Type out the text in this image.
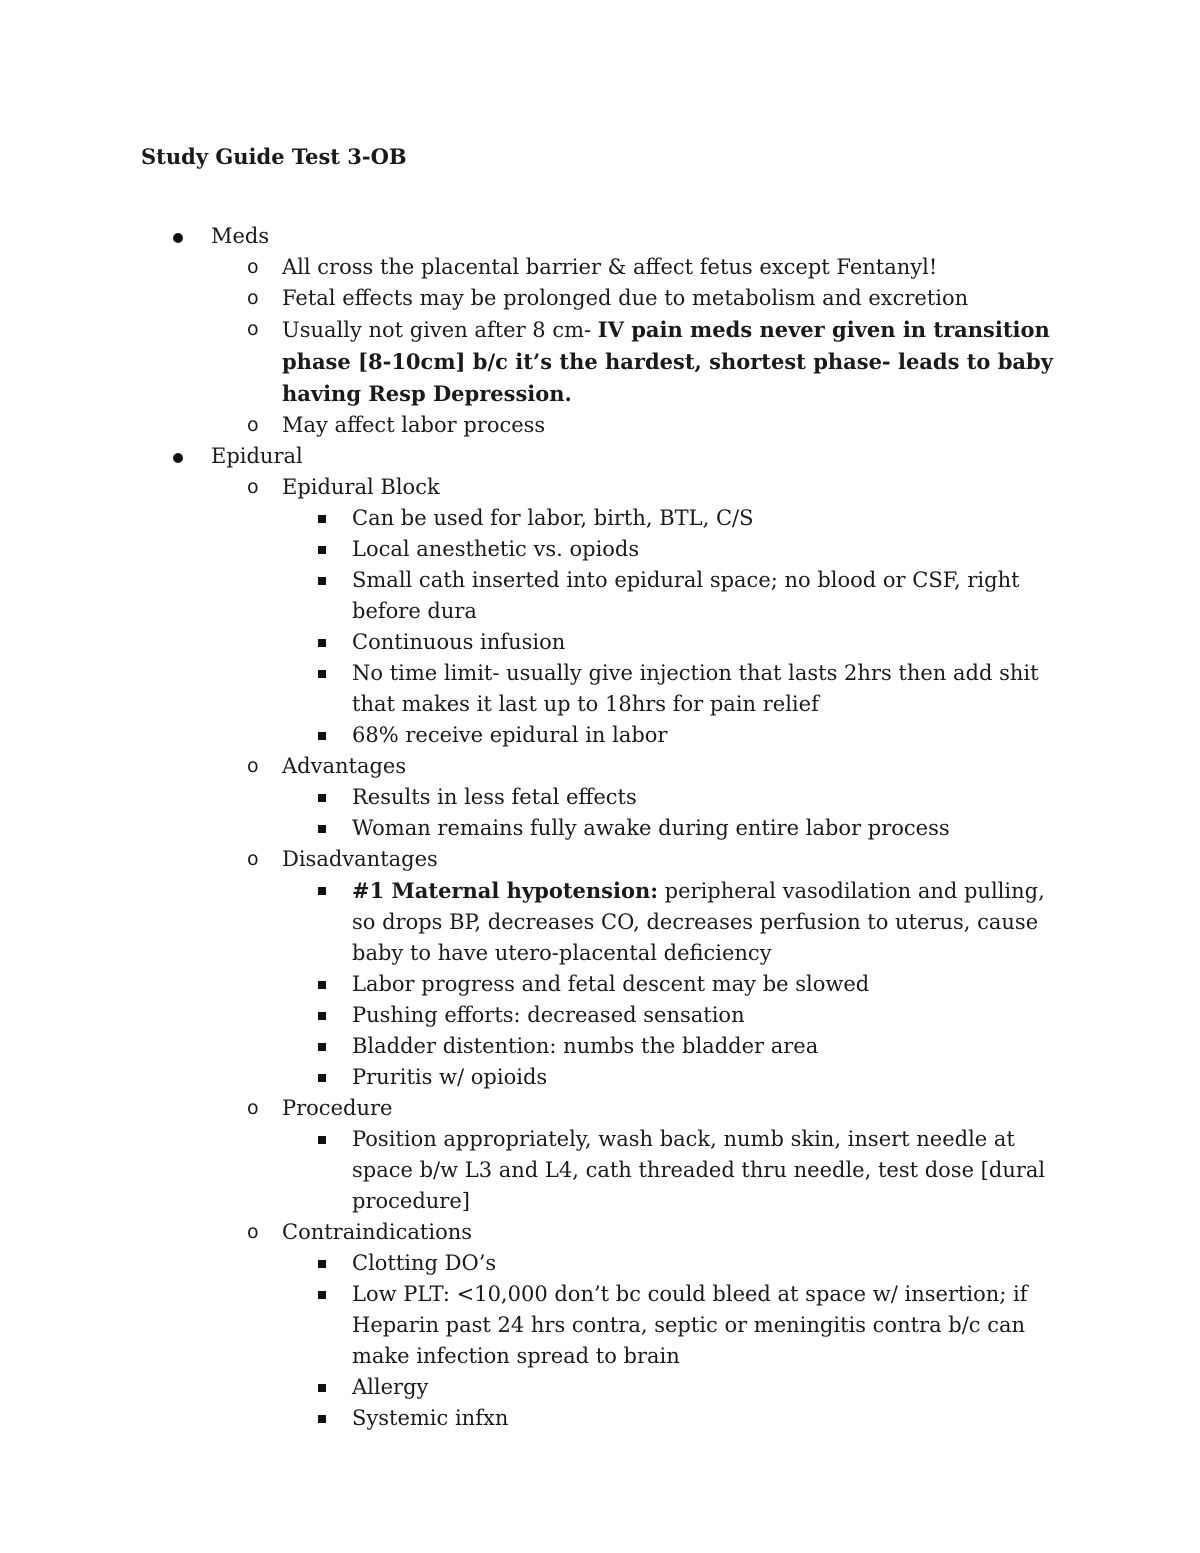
Study Guide Test 3-OB
Meds
o All cross the placental barrier & affect fetus except Fentanyl!
o Fetal effects may be prolonged due to metabolism and excretion
o Usually not given after 8 cm- IV pain meds never given in transition phase [8-10cm] b/c it’s the hardest, shortest phase- leads to baby having Resp Depression.
o May affect labor process
Epidural
o Epidural Block
Can be used for labor, birth, BTL, C/S
Local anesthetic vs. opiods
Small cath inserted into epidural space; no blood or CSF, right before dura
Continuous infusion
No time limit- usually give injection that lasts 2hrs then add shit that makes it last up to 18hrs for pain relief
68% receive epidural in labor
o Advantages
Results in less fetal effects
Woman remains fully awake during entire labor process
o Disadvantages
#1 Maternal hypotension: peripheral vasodilation and pulling, so drops BP, decreases CO, decreases perfusion to uterus, cause baby to have utero-placental deficiency
Labor progress and fetal descent may be slowed
Pushing efforts: decreased sensation
Bladder distention: numbs the bladder area
Pruritis w/ opioids
o Procedure
Position appropriately, wash back, numb skin, insert needle at space b/w L3 and L4, cath threaded thru needle, test dose [dural procedure]
o Contraindications
Clotting DO’s
Low PLT: <10,000 don’t bc could bleed at space w/ insertion; if Heparin past 24 hrs contra, septic or meningitis contra b/c can make infection spread to brain
Allergy
Systemic infxn
